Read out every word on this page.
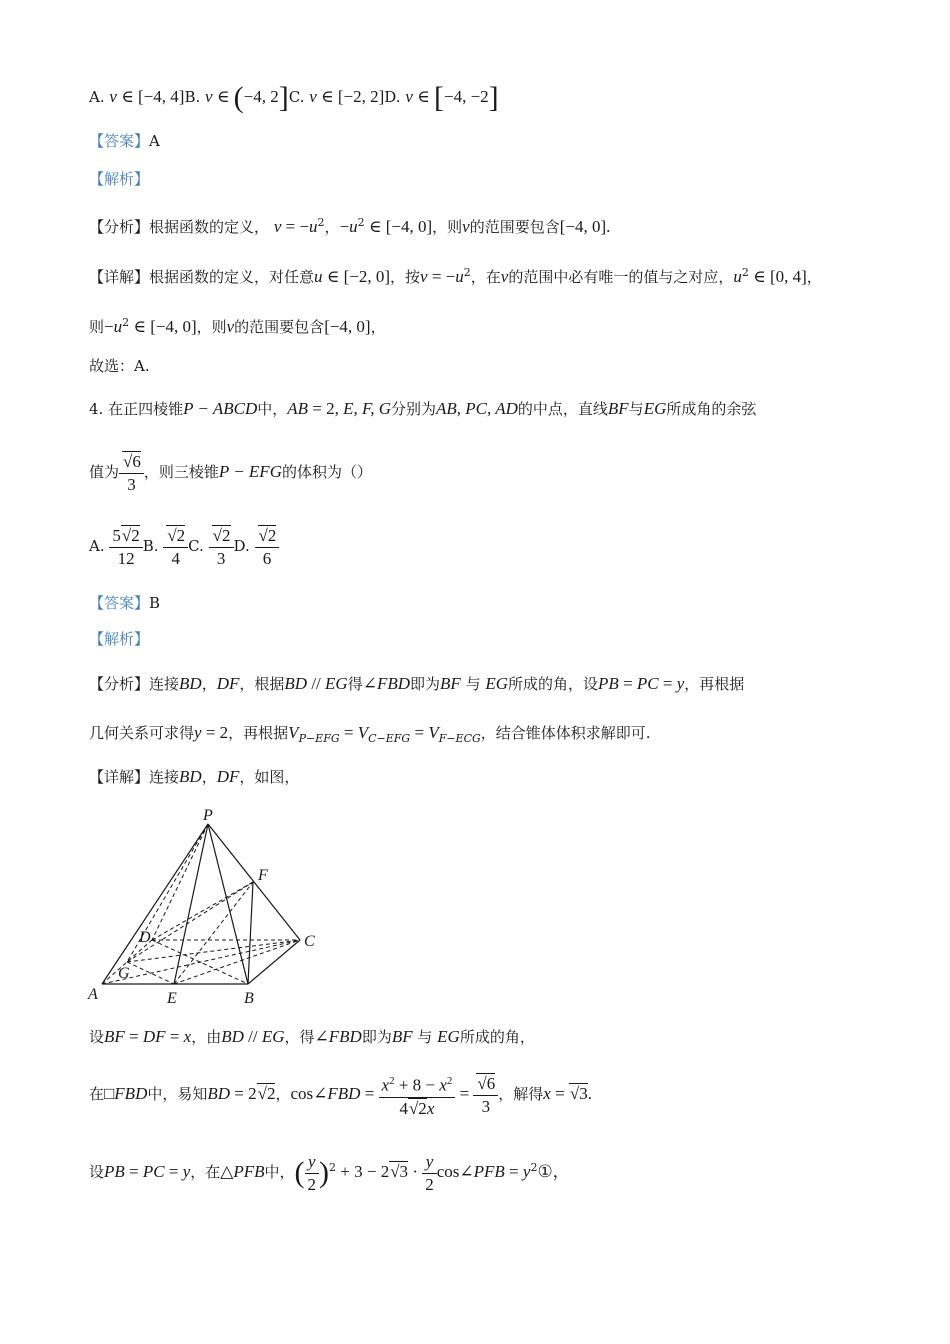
A. v ∈ [−4, 4]B. v ∈ (−4, 2]C. v ∈ [−2, 2]D. v ∈ [−4, −2]
【答案】A
【解析】
【分析】根据函数的定义， $v = -u^2$，$-u^2$ ∈ [−4, 0]，则v的范围要包含[−4, 0].
【详解】根据函数的定义，对任意u ∈ [−2, 0]，按$v = -u^2$，在v的范围中必有唯一的值与之对应，$u^2$ ∈ [0, 4]，
则$-u^2$ ∈ [−4, 0]，则v的范围要包含[−4, 0]，
故选：A.
4. 在正四棱锥P − ABCD中，AB = 2, E, F, G分别为AB, PC, AD的中点，直线BF与EG所成角的余弦
值为 $\frac{√6}{3}$ ，则三棱锥P − EFG的体积为（）
A. $\frac{5√2}{12} B$. $\frac{√2}{4} C$. $\frac{√2}{3} D$. $\frac{√2}{6}$
【答案】B
【解析】
【分析】连接BD，DF，根据BD // EG得∠FBD即为BF 与 EG所成的角，设PB = PC = y，再根据
几何关系可求得y = 2，再根据$V_{P-EFG} = V_{C-EFG} = V_{F-ECG}$，结合锥体体积求解即可.
【详解】连接BD，DF，如图，
P
F
C
D
G
A	E	B
设BF = DF = x，由BD // EG，得∠FBD即为BF 与 EG所成的角，
在□FBD中，易知BD = 2√2，cos∠FBD = $\frac{x^2 + 8 - x^2}{4√2x} = \frac{√6}{3}$ ，解得x = √3.
设PB = PC = y，在△PFB中，( $\frac{y}{2} )^2 + 3 - 2√3 \cdot \frac{y}{2}$ cos∠PFB = $y^2①$，
